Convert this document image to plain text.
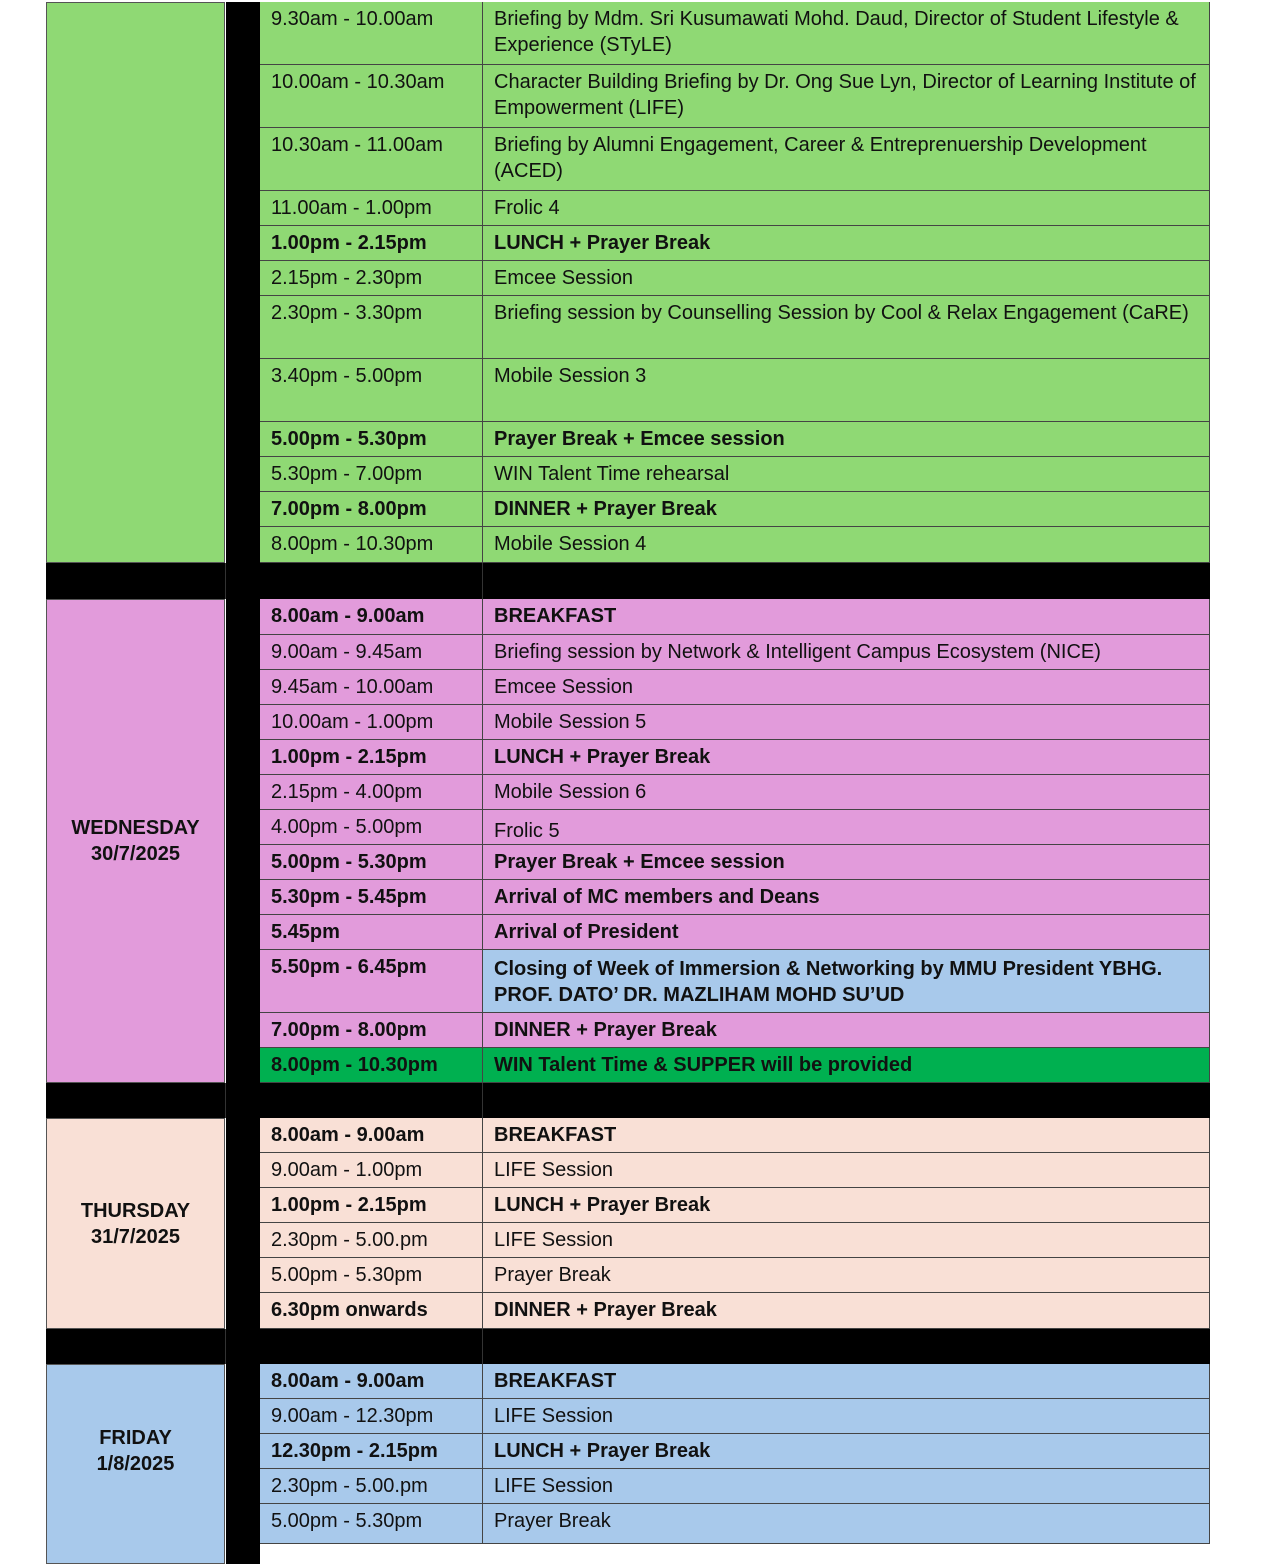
9.30am - 10.00am	Briefing by Mdm. Sri Kusumawati Mohd. Daud, Director of Student Lifestyle & Experience (STyLE)
10.00am - 10.30am	Character Building Briefing by Dr. Ong Sue Lyn, Director of Learning Institute of Empowerment (LIFE)
10.30am - 11.00am	Briefing by Alumni Engagement, Career & Entreprenuership Development (ACED)
11.00am - 1.00pm	Frolic 4
1.00pm - 2.15pm	LUNCH + Prayer Break
2.15pm - 2.30pm	Emcee Session
2.30pm - 3.30pm	Briefing session by Counselling Session by Cool & Relax Engagement (CaRE)
3.40pm - 5.00pm	Mobile Session 3
5.00pm - 5.30pm	Prayer Break + Emcee session
5.30pm - 7.00pm	WIN Talent Time rehearsal
7.00pm - 8.00pm	DINNER + Prayer Break
8.00pm - 10.30pm	Mobile Session 4
WEDNESDAY
30/7/2025
8.00am - 9.00am	BREAKFAST
9.00am - 9.45am	Briefing session by Network & Intelligent Campus Ecosystem (NICE)
9.45am - 10.00am	Emcee Session
10.00am - 1.00pm	Mobile Session 5
1.00pm - 2.15pm	LUNCH + Prayer Break
2.15pm - 4.00pm	Mobile Session 6
4.00pm - 5.00pm	Frolic 5
5.00pm - 5.30pm	Prayer Break + Emcee session
5.30pm - 5.45pm	Arrival of MC members and Deans
5.45pm	Arrival of President
5.50pm - 6.45pm	Closing of Week of Immersion & Networking by MMU President YBHG. PROF. DATO’ DR. MAZLIHAM MOHD SU’UD
7.00pm - 8.00pm	DINNER + Prayer Break
8.00pm - 10.30pm	WIN Talent Time & SUPPER will be provided
THURSDAY
31/7/2025
8.00am - 9.00am	BREAKFAST
9.00am - 1.00pm	LIFE Session
1.00pm - 2.15pm	LUNCH + Prayer Break
2.30pm - 5.00.pm	LIFE Session
5.00pm - 5.30pm	Prayer Break
6.30pm onwards	DINNER + Prayer Break
FRIDAY
1/8/2025
8.00am - 9.00am	BREAKFAST
9.00am - 12.30pm	LIFE Session
12.30pm - 2.15pm	LUNCH + Prayer Break
2.30pm - 5.00.pm	LIFE Session
5.00pm - 5.30pm	Prayer Break
